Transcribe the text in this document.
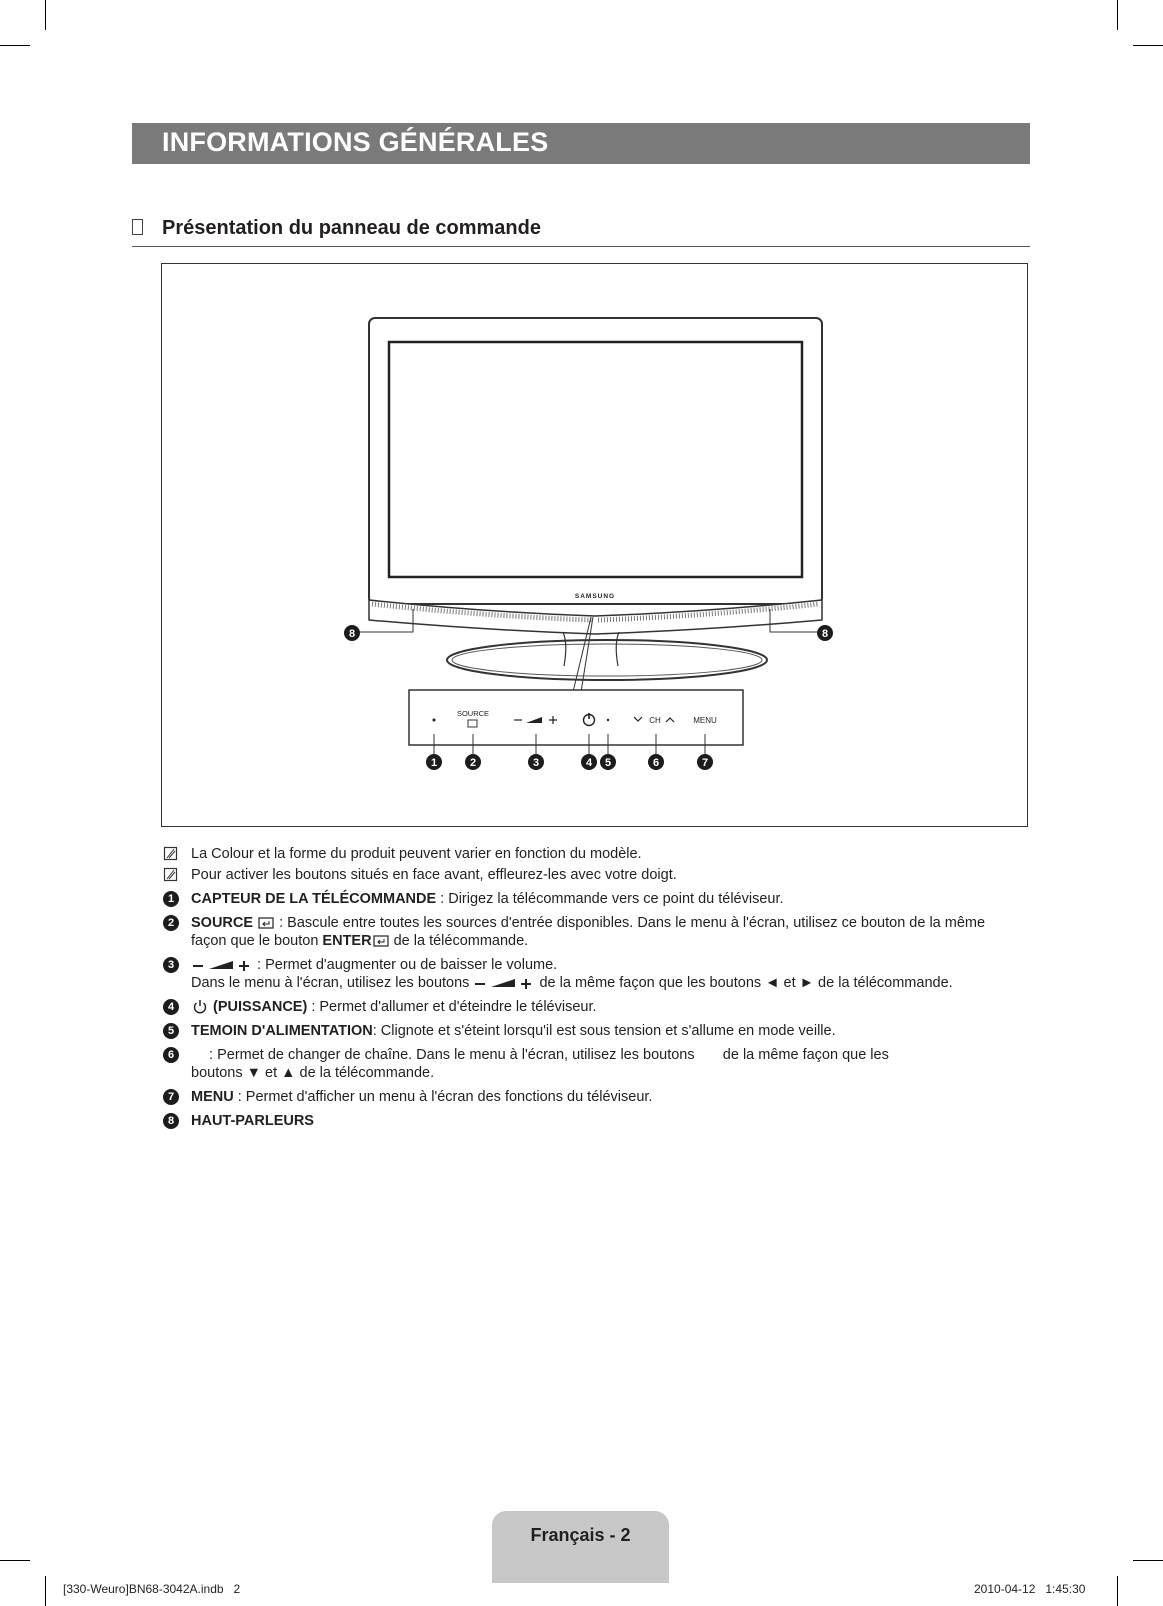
INFORMATIONS GÉNÉRALES
Présentation du panneau de commande
SAMSUNG
SOURCE
CH	MENU
1	2	3	4 5	6	7
8	8
La Colour et la forme du produit peuvent varier en fonction du modèle.
Pour activer les boutons situés en face avant, effleurez-les avec votre doigt.
1	CAPTEUR DE LA TÉLÉCOMMANDE : Dirigez la télécommande vers ce point du téléviseur.
2	SOURCE  : Bascule entre toutes les sources d'entrée disponibles. Dans le menu à l'écran, utilisez ce bouton de la même
façon que le bouton ENTER de la télécommande.
3	: Permet d'augmenter ou de baisser le volume.
Dans le menu à l'écran, utilisez les boutons	de la même façon que les boutons ◄ et ► de la télécommande.
4	(PUISSANCE) : Permet d'allumer et d'éteindre le téléviseur.
5	TEMOIN D'ALIMENTATION: Clignote et s'éteint lorsqu'il est sous tension et s'allume en mode veille.
6	: Permet de changer de chaîne. Dans le menu à l'écran, utilisez les boutons       de la même façon que les
boutons ▼ et ▲ de la télécommande.
7	MENU : Permet d'afficher un menu à l'écran des fonctions du téléviseur.
8	HAUT-PARLEURS
Français - 2
[330-Weuro]BN68-3042A.indb   2	2010-04-12   1:45:30
